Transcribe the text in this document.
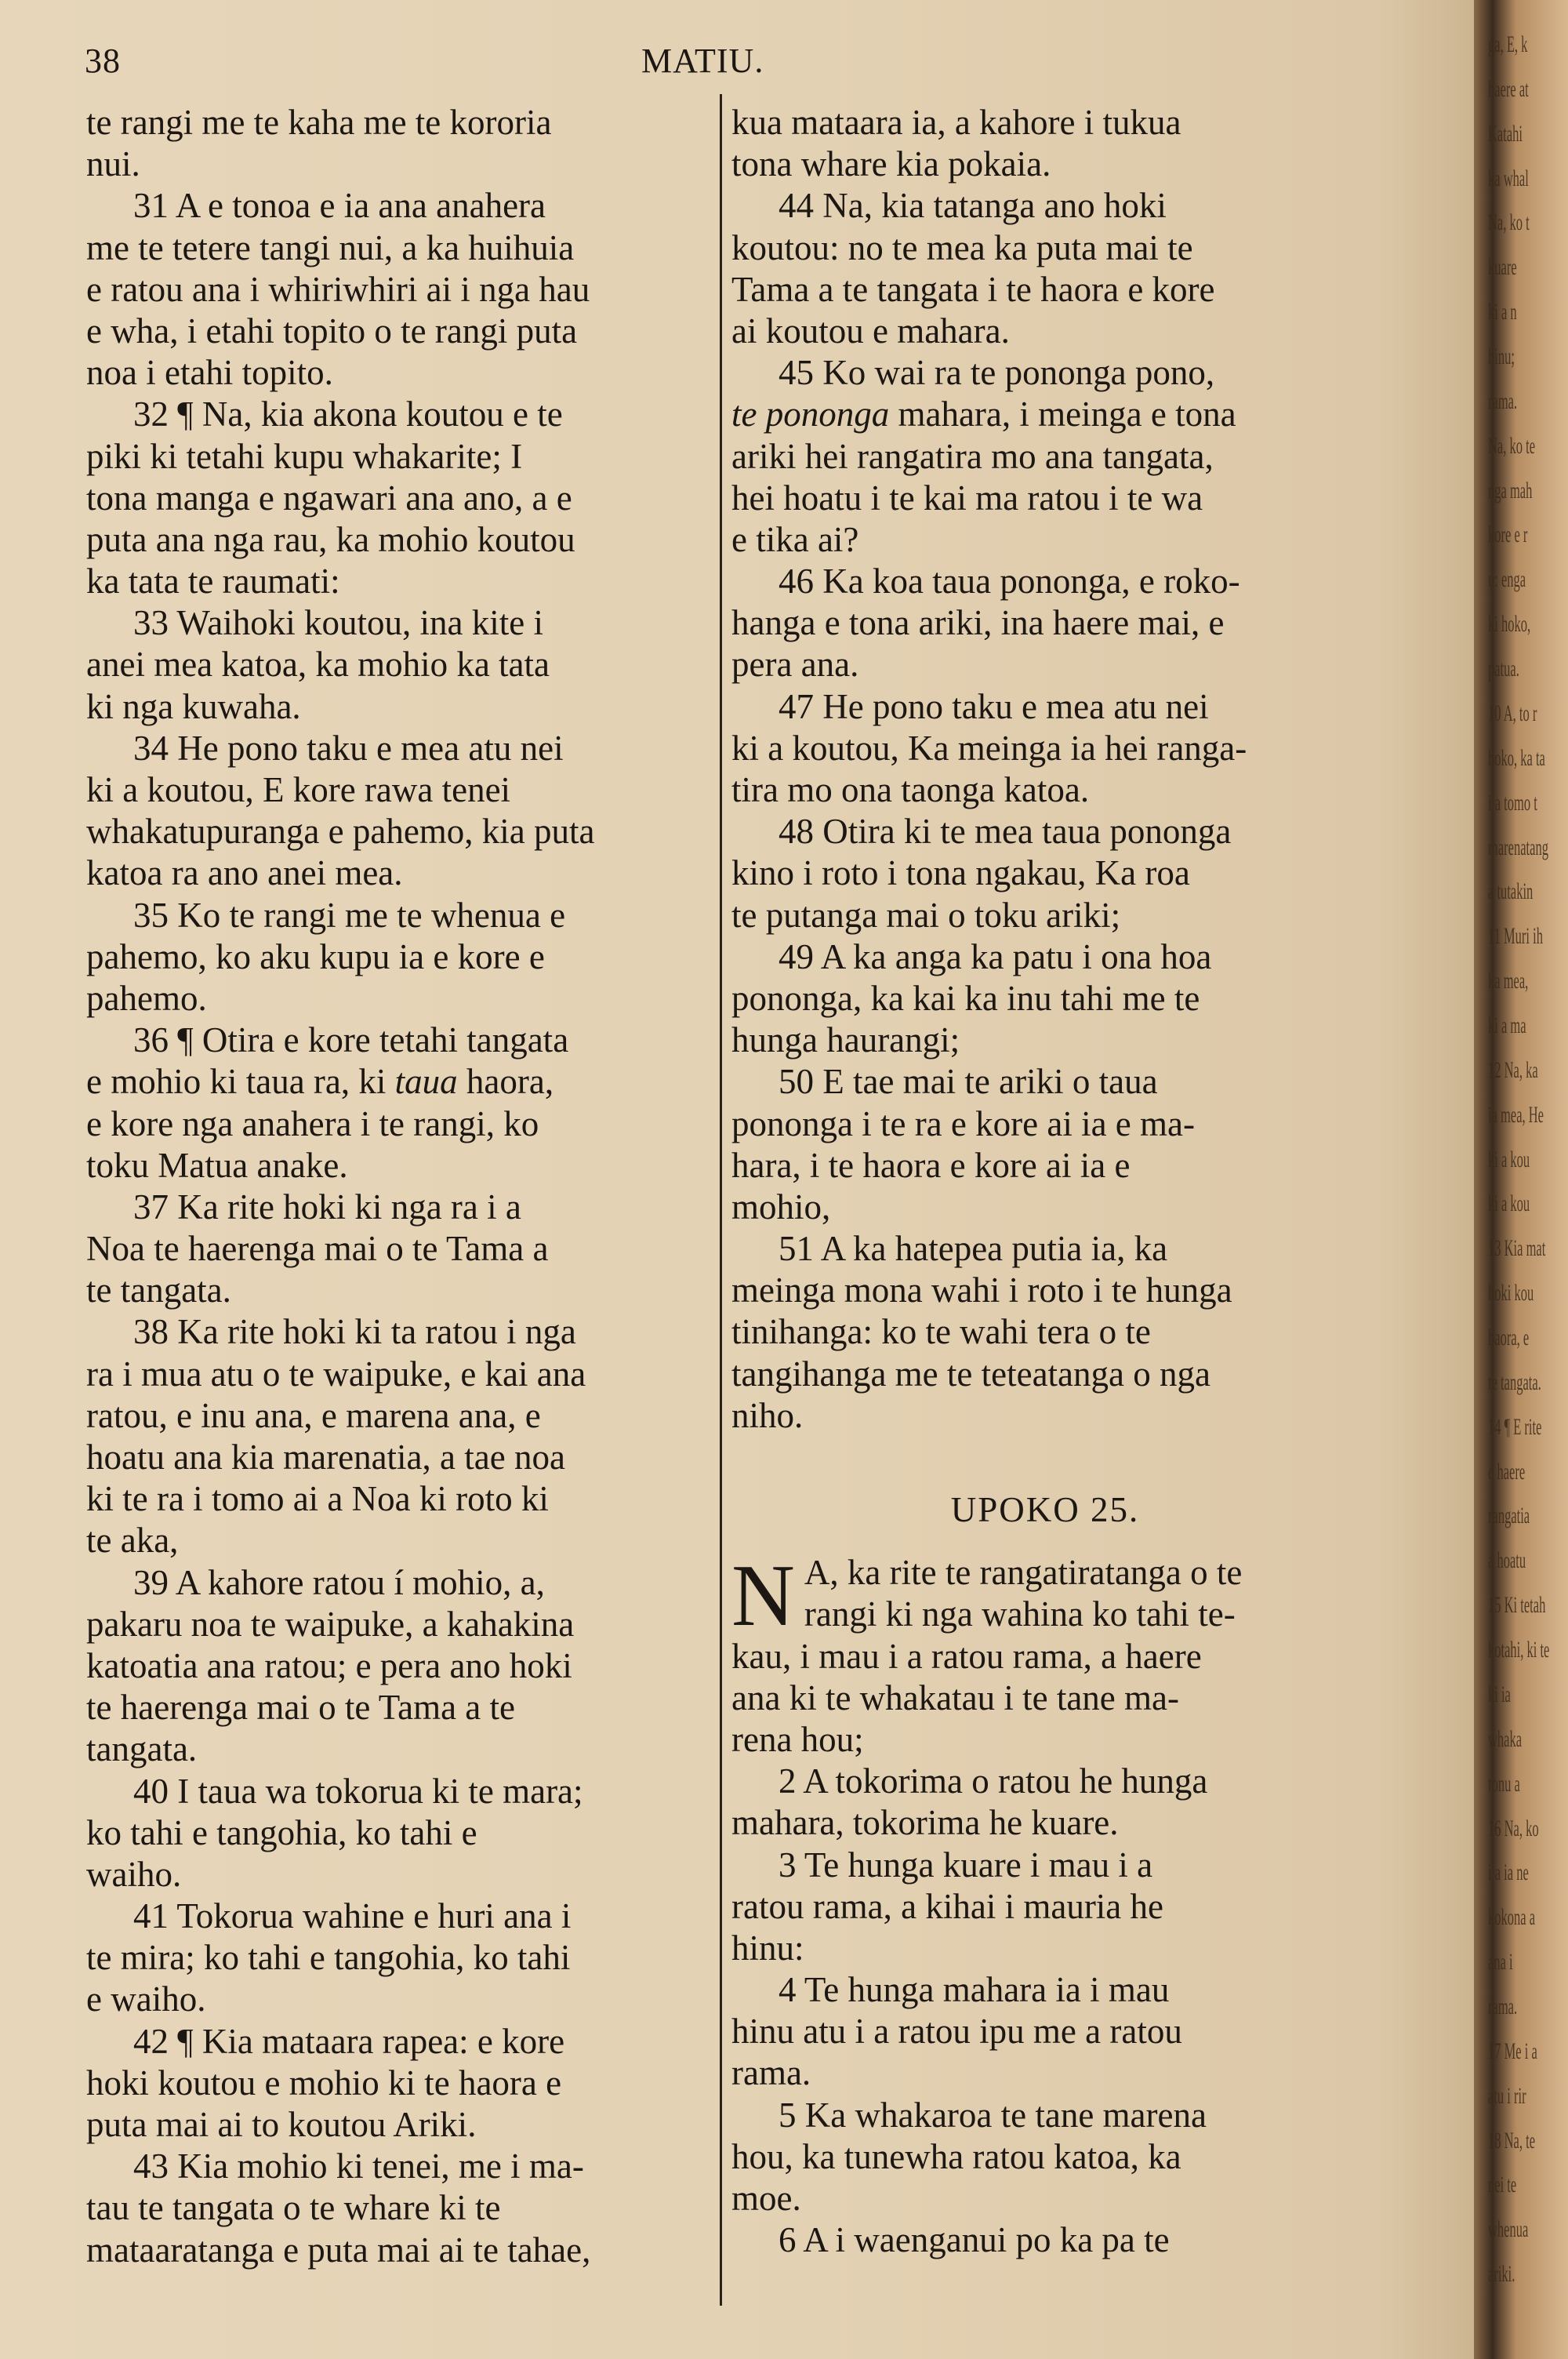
ga, E, k
haere at
Katahi
ka whal
Na, ko t
kuare
ki a n
hinu;
rama.
Na, ko te
nga mah
kore e r
u: enga
ki hoko,
patua.
10 A, to r
hoko, ka ta
i a tomo t
marenatang
a tutakin
11 Muri ih
ka mea,
ki a ma
12 Na, ka
ia mea, He
ki a kou
ki a kou
13 Kia mat
hoki kou
haora, e
te tangata.
14 ¶ E rite
e haere
rangatia
a hoatu
15 Ki tetah
kotahi, ki te
ki ia
whaka
tonu a
16 Na, ko
i a ia ne
kokona a
ana i
rama.
17 Me i a
atu i rir
18 Na, te
nei te
whenua
ariki.
38	MATIU.
te rangi me te kaha me te kororia
nui.
31 A e tonoa e ia ana anahera
me te tetere tangi nui, a ka huihuia
e ratou ana i whiriwhiri ai i nga hau
e wha, i etahi topito o te rangi puta
noa i etahi topito.
32 ¶ Na, kia akona koutou e te
piki ki tetahi kupu whakarite; I
tona manga e ngawari ana ano, a e
puta ana nga rau, ka mohio koutou
ka tata te raumati:
33 Waihoki koutou, ina kite i
anei mea katoa, ka mohio ka tata
ki nga kuwaha.
34 He pono taku e mea atu nei
ki a koutou, E kore rawa tenei
whakatupuranga e pahemo, kia puta
katoa ra ano anei mea.
35 Ko te rangi me te whenua e
pahemo, ko aku kupu ia e kore e
pahemo.
36 ¶ Otira e kore tetahi tangata
e mohio ki taua ra, ki taua haora,
e kore nga anahera i te rangi, ko
toku Matua anake.
37 Ka rite hoki ki nga ra i a
Noa te haerenga mai o te Tama a
te tangata.
38 Ka rite hoki ki ta ratou i nga
ra i mua atu o te waipuke, e kai ana
ratou, e inu ana, e marena ana, e
hoatu ana kia marenatia, a tae noa
ki te ra i tomo ai a Noa ki roto ki
te aka,
39 A kahore ratou í mohio, a,
pakaru noa te waipuke, a kahakina
katoatia ana ratou; e pera ano hoki
te haerenga mai o te Tama a te
tangata.
40 I taua wa tokorua ki te mara;
ko tahi e tangohia, ko tahi e
waiho.
41 Tokorua wahine e huri ana i
te mira; ko tahi e tangohia, ko tahi
e waiho.
42 ¶ Kia mataara rapea: e kore
hoki koutou e mohio ki te haora e
puta mai ai to koutou Ariki.
43 Kia mohio ki tenei, me i ma-
tau te tangata o te whare ki te
mataaratanga e puta mai ai te tahae,
kua mataara ia, a kahore i tukua
tona whare kia pokaia.
44 Na, kia tatanga ano hoki
koutou: no te mea ka puta mai te
Tama a te tangata i te haora e kore
ai koutou e mahara.
45 Ko wai ra te pononga pono,
te pononga mahara, i meinga e tona
ariki hei rangatira mo ana tangata,
hei hoatu i te kai ma ratou i te wa
e tika ai?
46 Ka koa taua pononga, e roko-
hanga e tona ariki, ina haere mai, e
pera ana.
47 He pono taku e mea atu nei
ki a koutou, Ka meinga ia hei ranga-
tira mo ona taonga katoa.
48 Otira ki te mea taua pononga
kino i roto i tona ngakau, Ka roa
te putanga mai o toku ariki;
49 A ka anga ka patu i ona hoa
pononga, ka kai ka inu tahi me te
hunga haurangi;
50 E tae mai te ariki o taua
pononga i te ra e kore ai ia e ma-
hara, i te haora e kore ai ia e
mohio,
51 A ka hatepea putia ia, ka
meinga mona wahi i roto i te hunga
tinihanga: ko te wahi tera o te
tangihanga me te teteatanga o nga
niho.
UPOKO 25.
N A, ka rite te rangatiratanga o te
rangi ki nga wahina ko tahi te-
kau, i mau i a ratou rama, a haere
ana ki te whakatau i te tane ma-
rena hou;
2 A tokorima o ratou he hunga
mahara, tokorima he kuare.
3 Te hunga kuare i mau i a
ratou rama, a kihai i mauria he
hinu:
4 Te hunga mahara ia i mau
hinu atu i a ratou ipu me a ratou
rama.
5 Ka whakaroa te tane marena
hou, ka tunewha ratou katoa, ka
moe.
6 A i waenganui po ka pa te
